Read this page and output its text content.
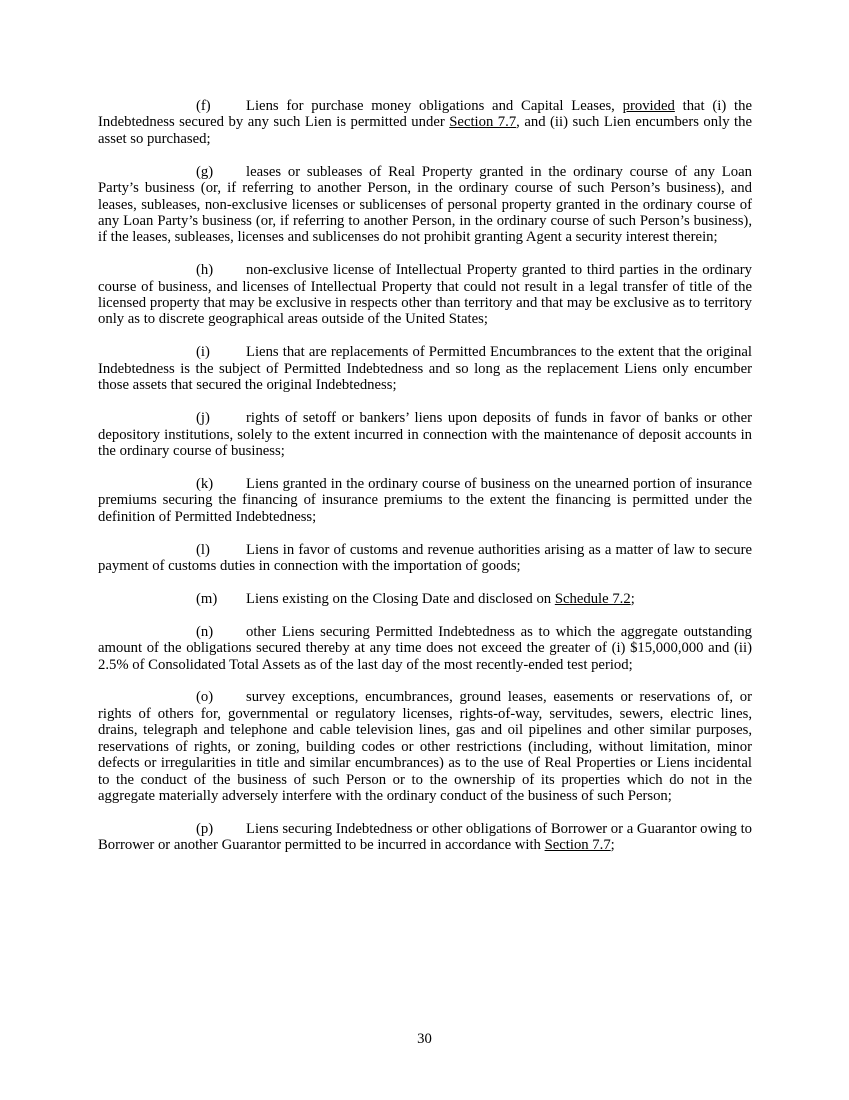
(f) Liens for purchase money obligations and Capital Leases, provided that (i) the Indebtedness secured by any such Lien is permitted under Section 7.7, and (ii) such Lien encumbers only the asset so purchased;

(g) leases or subleases of Real Property granted in the ordinary course of any Loan Party’s business (or, if referring to another Person, in the ordinary course of such Person’s business), and leases, subleases, non-exclusive licenses or sublicenses of personal property granted in the ordinary course of any Loan Party’s business (or, if referring to another Person, in the ordinary course of such Person’s business), if the leases, subleases, licenses and sublicenses do not prohibit granting Agent a security interest therein;

(h) non-exclusive license of Intellectual Property granted to third parties in the ordinary course of business, and licenses of Intellectual Property that could not result in a legal transfer of title of the licensed property that may be exclusive in respects other than territory and that may be exclusive as to territory only as to discrete geographical areas outside of the United States;

(i) Liens that are replacements of Permitted Encumbrances to the extent that the original Indebtedness is the subject of Permitted Indebtedness and so long as the replacement Liens only encumber those assets that secured the original Indebtedness;

(j) rights of setoff or bankers’ liens upon deposits of funds in favor of banks or other depository institutions, solely to the extent incurred in connection with the maintenance of deposit accounts in the ordinary course of business;

(k) Liens granted in the ordinary course of business on the unearned portion of insurance premiums securing the financing of insurance premiums to the extent the financing is permitted under the definition of Permitted Indebtedness;

(l) Liens in favor of customs and revenue authorities arising as a matter of law to secure payment of customs duties in connection with the importation of goods;

(m) Liens existing on the Closing Date and disclosed on Schedule 7.2;

(n) other Liens securing Permitted Indebtedness as to which the aggregate outstanding amount of the obligations secured thereby at any time does not exceed the greater of (i) $15,000,000 and (ii) 2.5% of Consolidated Total Assets as of the last day of the most recently-ended test period;

(o) survey exceptions, encumbrances, ground leases, easements or reservations of, or rights of others for, governmental or regulatory licenses, rights-of-way, servitudes, sewers, electric lines, drains, telegraph and telephone and cable television lines, gas and oil pipelines and other similar purposes, reservations of rights, or zoning, building codes or other restrictions (including, without limitation, minor defects or irregularities in title and similar encumbrances) as to the use of Real Properties or Liens incidental to the conduct of the business of such Person or to the ownership of its properties which do not in the aggregate materially adversely interfere with the ordinary conduct of the business of such Person;

(p) Liens securing Indebtedness or other obligations of Borrower or a Guarantor owing to Borrower or another Guarantor permitted to be incurred in accordance with Section 7.7;

30
